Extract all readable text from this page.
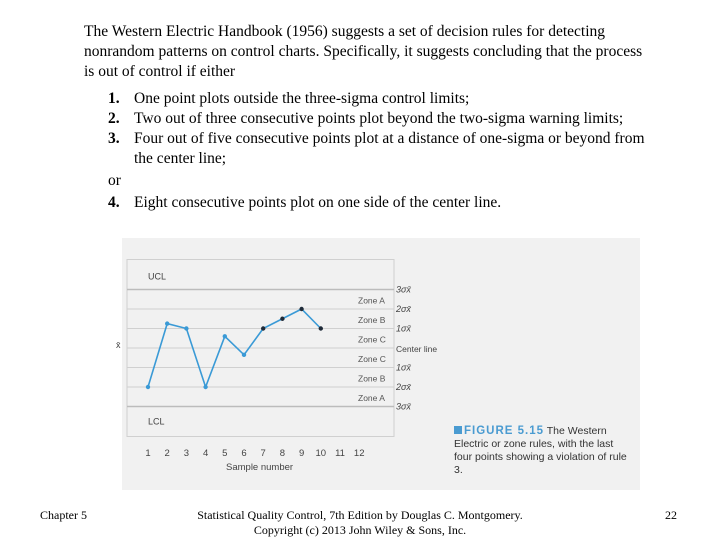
The Western Electric Handbook (1956) suggests a set of decision rules for detecting nonrandom patterns on control charts. Specifically, it suggests concluding that the process is out of control if either
1. One point plots outside the three-sigma control limits;
2. Two out of three consecutive points plot beyond the two-sigma warning limits;
3. Four out of five consecutive points plot at a distance of one-sigma or beyond from the center line;
or
4. Eight consecutive points plot on one side of the center line.
UCL
LCL
x̄
Zone A
Zone B
Zone C
Zone C
Zone B
Zone A
3σx̄
2σx̄
1σx̄
1σx̄
2σx̄
3σx̄
Center line
1 2 3 4 5 6 7 8 9 10 11 12
Sample number
FIGURE 5.15 The Western Electric or zone rules, with the last four points showing a violation of rule 3.
Chapter 5	Statistical Quality Control, 7th Edition by Douglas C. Montgomery. Copyright (c) 2013 John Wiley & Sons, Inc.
22
